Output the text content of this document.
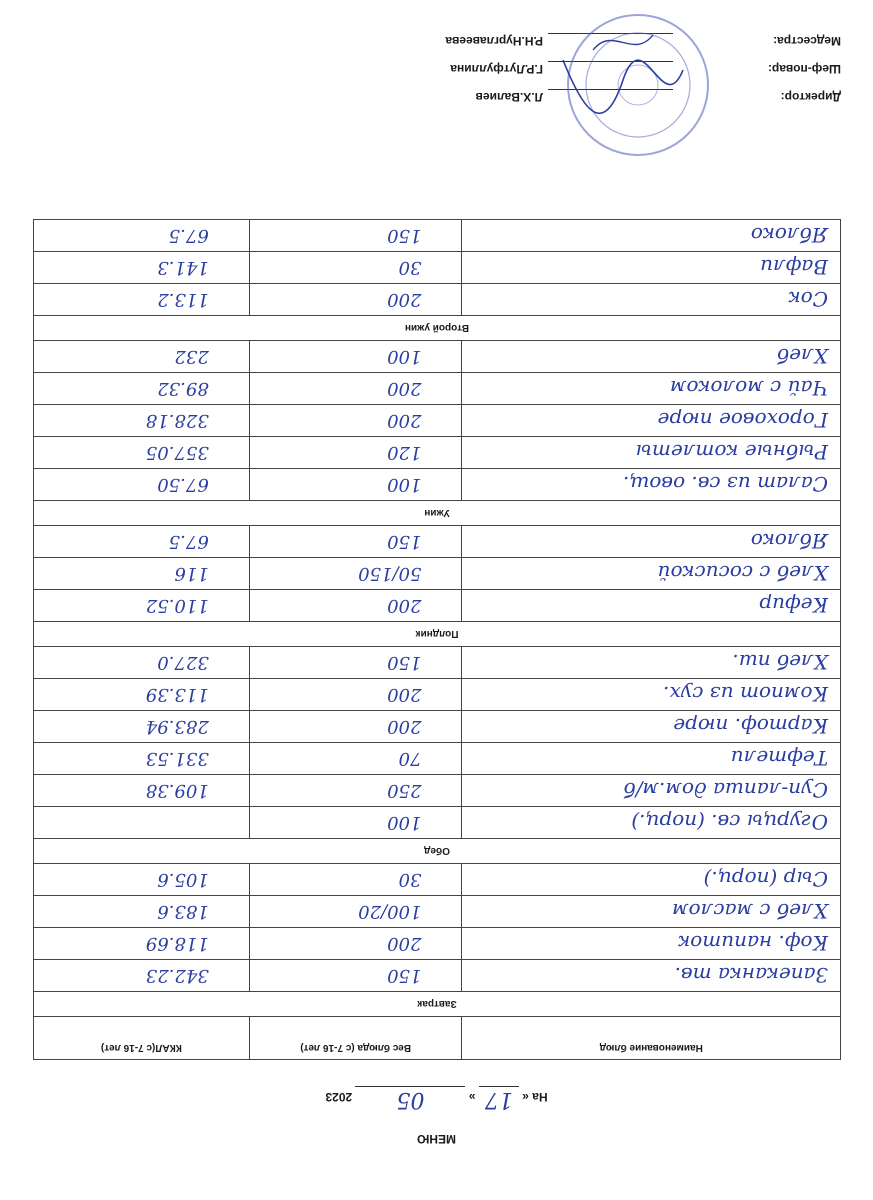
МЕНЮ
На « 17 » 05 2023
Наименование блюд	Вес блюда (с 7-16 лет)	ККАЛ(с 7-16 лет)
Завтрак		
Запеканка тв.	150	342.23
Коф. напиток	200	118.69
Хлеб с маслом	100/20	183.6
Сыр (порц.)	30	105.6
Обед		
Огурцы св. (порц.)	100	
Суп-лапша дом.м/б	250	109.38
Тефтели	70	331.53
Картоф. пюре	200	283.94
Компот из сух.	200	113.39
Хлеб пш.	150	327.0
Полдник		
Кефир	200	110.52
Хлеб с сосиской	50/150	116
Яблоко	150	67.5
Ужин		
Салат из св. овощ.	100	67.50
Рыбные котлеты	120	357.05
Гороховое пюре	200	328.18
Чай с молоком	200	89.32
Хлеб	100	232
Второй ужин		
Сок	200	113.2
Вафли	30	141.3
Яблоко	150	67.5
Директор:
Л.Х.Валиев
Шеф-повар:
Г.Р.Лутфуллина
Медсестра:
Р.Н.Нурглавеева
